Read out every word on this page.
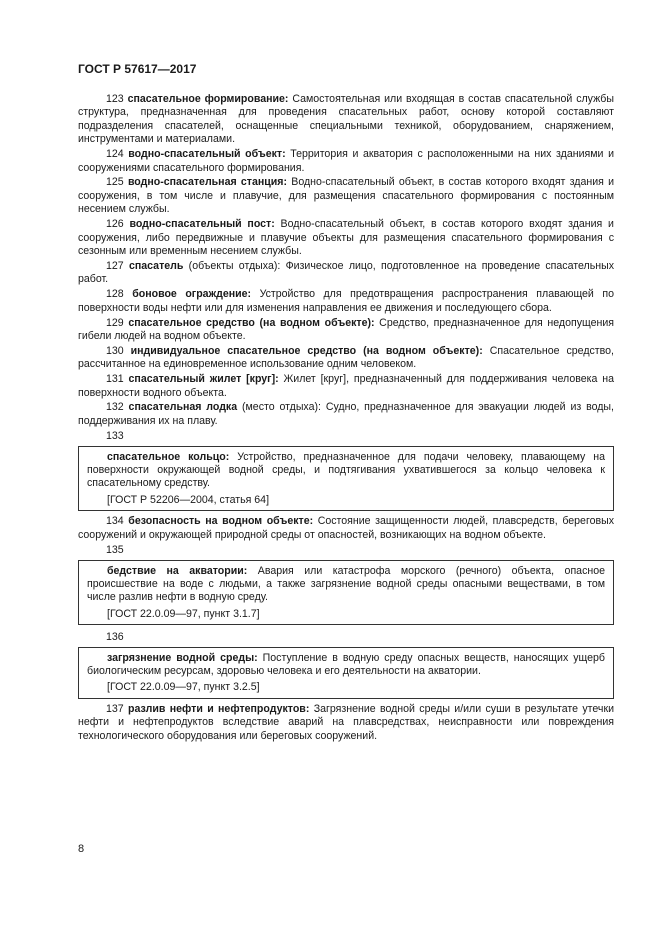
ГОСТ Р 57617—2017

123 спасательное формирование: Самостоятельная или входящая в состав спасательной службы структура, предназначенная для проведения спасательных работ, основу которой составляют подразделения спасателей, оснащенные специальными техникой, оборудованием, снаряжением, инструментами и материалами.

124 водно-спасательный объект: Территория и акватория с расположенными на них зданиями и сооружениями спасательного формирования.

125 водно-спасательная станция: Водно-спасательный объект, в состав которого входят здания и сооружения, в том числе и плавучие, для размещения спасательного формирования с постоянным несением службы.

126 водно-спасательный пост: Водно-спасательный объект, в состав которого входят здания и сооружения, либо передвижные и плавучие объекты для размещения спасательного формирования с сезонным или временным несением службы.

127 спасатель (объекты отдыха): Физическое лицо, подготовленное на проведение спасательных работ.

128 боновое ограждение: Устройство для предотвращения распространения плавающей по поверхности воды нефти или для изменения направления ее движения и последующего сбора.

129 спасательное средство (на водном объекте): Средство, предназначенное для недопущения гибели людей на водном объекте.

130 индивидуальное спасательное средство (на водном объекте): Спасательное средство, рассчитанное на единовременное использование одним человеком.

131 спасательный жилет [круг]: Жилет [круг], предназначенный для поддерживания человека на поверхности водного объекта.

132 спасательная лодка (место отдыха): Судно, предназначенное для эвакуации людей из воды, поддерживания их на плаву.

133

спасательное кольцо: Устройство, предназначенное для подачи человеку, плавающему на поверхности окружающей водной среды, и подтягивания ухватившегося за кольцо человека к спасательному средству.

[ГОСТ Р 52206—2004, статья 64]

134 безопасность на водном объекте: Состояние защищенности людей, плавсредств, береговых сооружений и окружающей природной среды от опасностей, возникающих на водном объекте.

135

бедствие на акватории: Авария или катастрофа морского (речного) объекта, опасное происшествие на воде с людьми, а также загрязнение водной среды опасными веществами, в том числе разлив нефти в водную среду.

[ГОСТ 22.0.09—97, пункт 3.1.7]

136

загрязнение водной среды: Поступление в водную среду опасных веществ, наносящих ущерб биологическим ресурсам, здоровью человека и его деятельности на акватории.

[ГОСТ 22.0.09—97, пункт 3.2.5]

137 разлив нефти и нефтепродуктов: Загрязнение водной среды и/или суши в результате утечки нефти и нефтепродуктов вследствие аварий на плавсредствах, неисправности или повреждения технологического оборудования или береговых сооружений.

8
